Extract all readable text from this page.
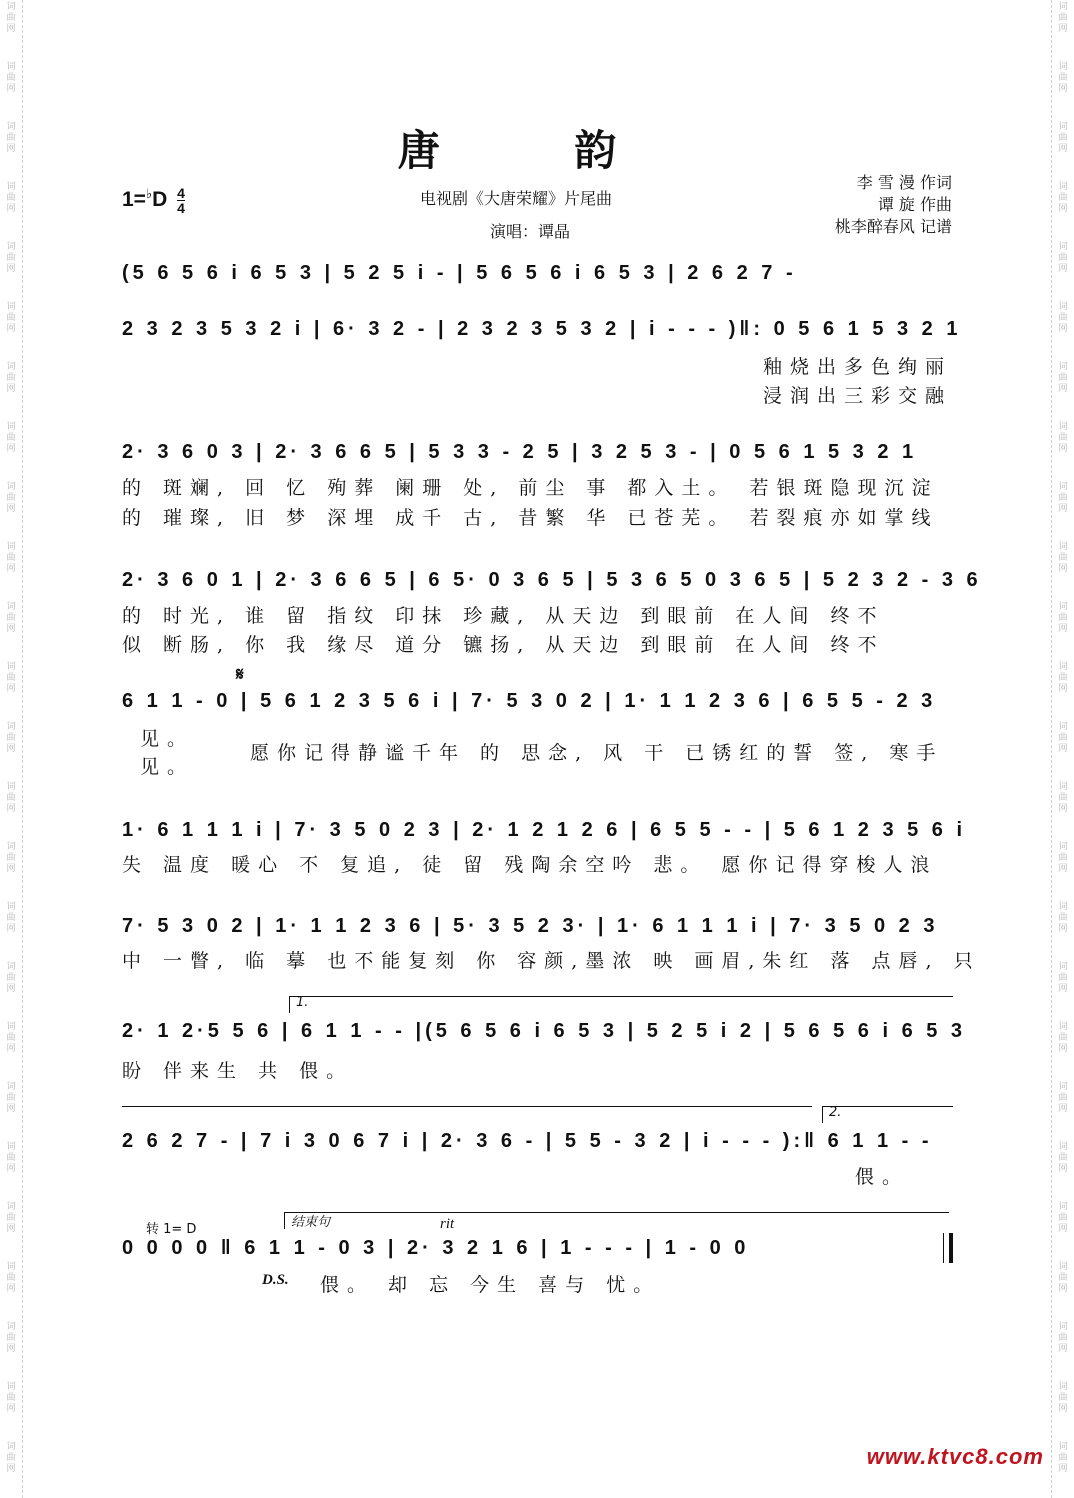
词
曲
网
词
曲
网
词
曲
网
词
曲
网
词
曲
网
词
曲
网
词
曲
网
词
曲
网
词
曲
网
词
曲
网
词
曲
网
词
曲
网
词
曲
网
词
曲
网
词
曲
网
词
曲
网
词
曲
网
词
曲
网
词
曲
网
词
曲
网
词
曲
网
词
曲
网
词
曲
网
词
曲
网
词
曲
网
词
曲
网
词
曲
网
词
曲
网
词
曲
网
词
曲
网
词
曲
网
词
曲
网
词
曲
网
词
曲
网
词
曲
网
词
曲
网
词
曲
网
词
曲
网
词
曲
网
词
曲
网
词
曲
网
词
曲
网
词
曲
网
词
曲
网
词
曲
网
词
曲
网
词
曲
网
词
曲
网
词
曲
网
词
曲
网
唐 韵
$1=^♭D \frac{4}{4}$	电视剧《大唐荣耀》片尾曲
演唱：谭晶
李 雪 漫 作词
谭 旋 作曲
桃李醉春风 记谱
(5 6 5 6 i 6 5 3 | 5 2 5 i - | 5 6 5 6 i 6 5 3 | 2 6 2 7 -
2 3 2 3 5 3 2 i | 6· 3 2 - | 2 3 2 3 5 3 2 | i - - - )‖: 0 5 6 1 5 3 2 1
釉烧出多色绚丽
浸润出三彩交融
2· 3 6 0 3 | 2· 3 6 6 5 | 5 3 3 - 2 5 | 3 2 5 3 - | 0 5 6 1 5 3 2 1
的 斑斓, 回 忆 殉葬 阑珊 处, 前尘 事 都入土。 若银斑隐现沉淀
的 璀璨, 旧 梦 深埋 成千 古, 昔繁 华 已苍芜。 若裂痕亦如掌线
2· 3 6 0 1 | 2· 3 6 6 5 | 6 5· 0 3 6 5 | 5 3 6 5 0 3 6 5 | 5 2 3 2 - 3 6
的 时光, 谁 留 指纹 印抹 珍藏, 从天边 到眼前 在人间 终不
似 断肠, 你 我 缘尽 道分 镳扬, 从天边 到眼前 在人间 终不
𝄋
6 1 1 - 0 | 5 6 1 2 3 5 6 i | 7· 5 3 0 2 | 1· 1 1 2 3 6 | 6 5 5 - 2 3
见。
见。
愿你记得静谧千年 的 思念, 风 干 已锈红的誓 签, 寒手
1· 6 1 1 1 i | 7· 3 5 0 2 3 | 2· 1 2 1 2 6 | 6 5 5 - - | 5 6 1 2 3 5 6 i
失 温度 暖心 不 复追, 徒 留 残陶余空吟 悲。 愿你记得穿梭人浪
7· 5 3 0 2 | 1· 1 1 2 3 6 | 5· 3 5 2 3· | 1· 6 1 1 1 i | 7· 3 5 0 2 3
中 一瞥, 临 摹 也不能复刻 你 容颜,墨浓 映 画眉,朱红 落 点唇, 只
1.
2· 1 2·5 5 6 | 6 1 1 - - |(5 6 5 6 i 6 5 3 | 5 2 5 i 2 | 5 6 5 6 i 6 5 3
盼 伴来生 共 偎。
2.
2 6 2 7 - | 7 i 3 0 6 7 i | 2· 3 6 - | 5 5 - 3 2 | i - - - ):‖ 6 1 1 - -
偎。
转 1= D	结束句	rit
0 0 0 0 ‖ 6 1 1 - 0 3 | 2· 3 2 1 6 | 1 - - - | 1 - 0 0
D.S. 偎。 却 忘 今生 喜与 忧。
www.ktvc8.com
